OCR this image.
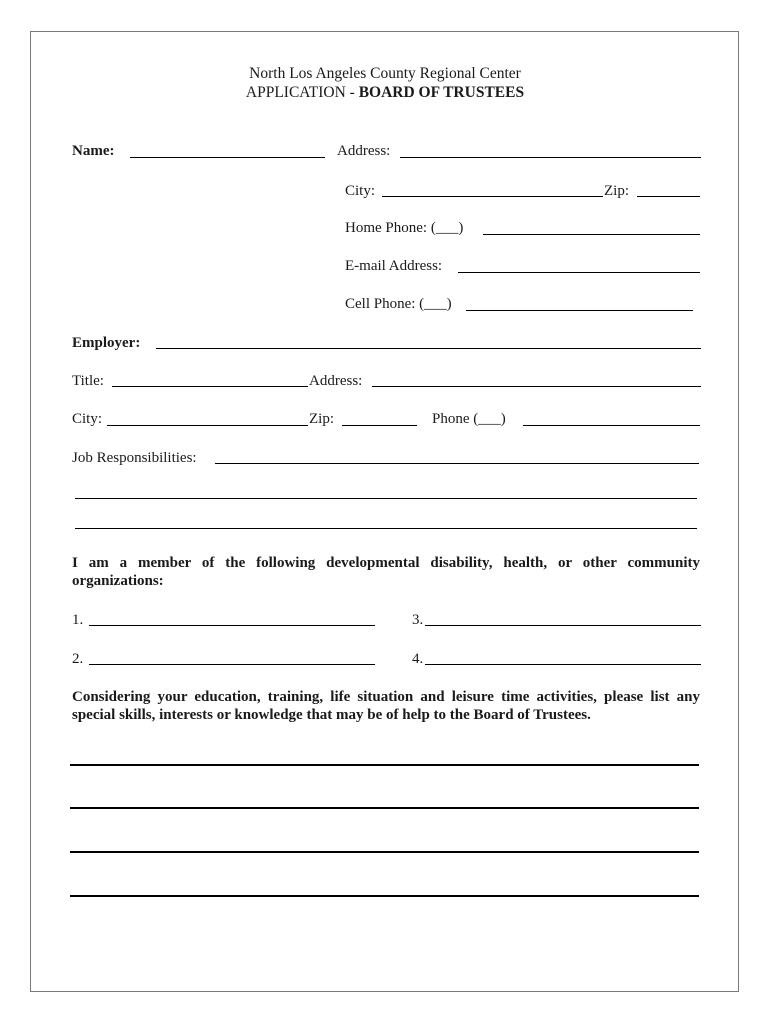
North Los Angeles County Regional Center
APPLICATION - BOARD OF TRUSTEES
Name:	Address:
City:	Zip:
Home Phone: (___)
E-mail Address:
Cell Phone: (___)
Employer:
Title:	Address:
City:	Zip:	Phone (___)
Job Responsibilities:
I am a member of the following developmental disability, health, or other community organizations:
1.	3.
2.	4.
Considering your education, training, life situation and leisure time activities, please list any special skills, interests or knowledge that may be of help to the Board of Trustees.
